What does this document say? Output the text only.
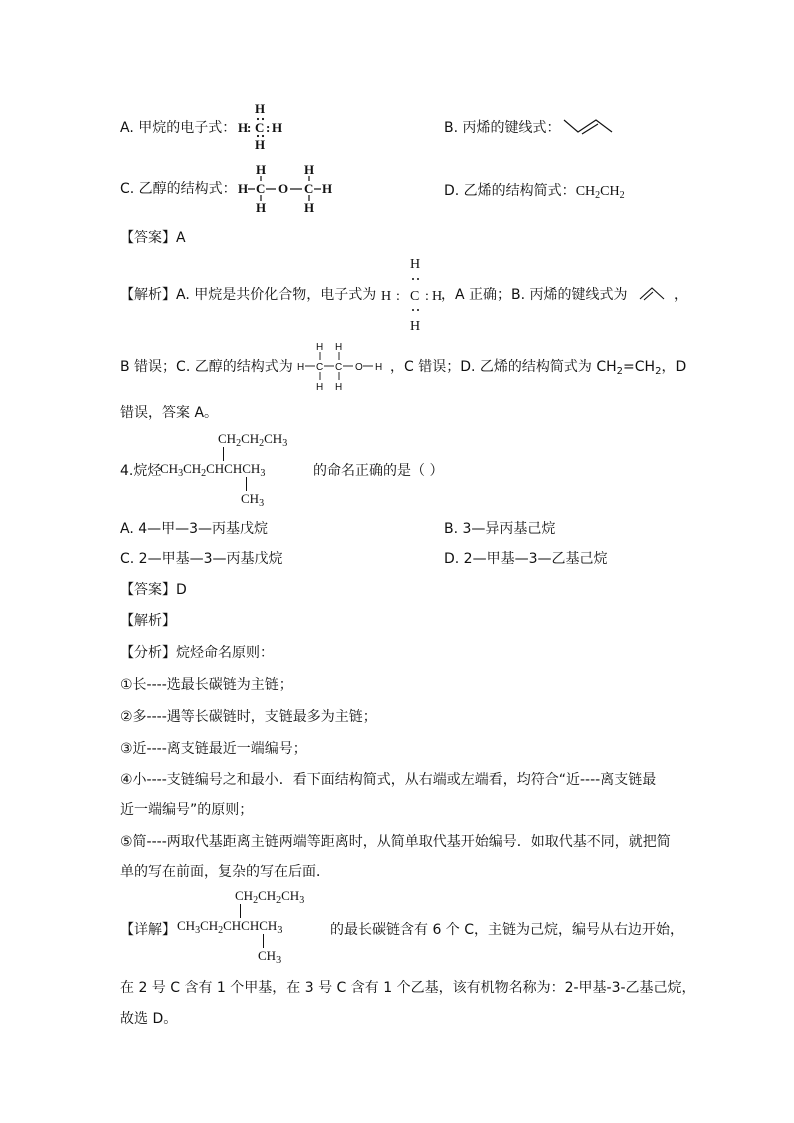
A. 甲烷的电子式：
H
H
: C : H
H
B. 丙烯的键线式：
C. 乙醇的结构式：
H	H
H C O C H
H	H
D. 乙烯的结构简式：$CH_2CH_2$
【答案】A
【解析】A. 甲烷是共价化合物，电子式为
H
H : C : H
H
，A 正确；B. 丙烯的键线式为	，
B 错误；C. 乙醇的结构式为
H H
H C C O H
H H
，C 错误；D. 乙烯的结构简式为 $CH_2=CH_2$，D
错误，答案 A。
4.烷烃
$CH_2CH_2CH_3$
$CH_3CH_2CHCHCH_3$
$CH_3$
的命名正确的是（ ）
A. 4—甲—3—丙基戊烷	B. 3—异丙基己烷
C. 2—甲基—3—丙基戊烷	D. 2—甲基—3—乙基己烷
【答案】D
【解析】
【分析】烷烃命名原则：
①长----选最长碳链为主链；
②多----遇等长碳链时，支链最多为主链；
③近----离支链最近一端编号；
④小----支链编号之和最小．看下面结构简式，从右端或左端看，均符合“近----离支链最
近一端编号”的原则；
⑤简----两取代基距离主链两端等距离时，从简单取代基开始编号．如取代基不同，就把简
单的写在前面，复杂的写在后面．
【详解】
$CH_2CH_2CH_3$
$CH_3CH_2CHCHCH_3$
$CH_3$
的最长碳链含有 6 个 C，主链为己烷，编号从右边开始，
在 2 号 C 含有 1 个甲基，在 3 号 C 含有 1 个乙基，该有机物名称为：2-甲基-3-乙基己烷，
故选 D。
